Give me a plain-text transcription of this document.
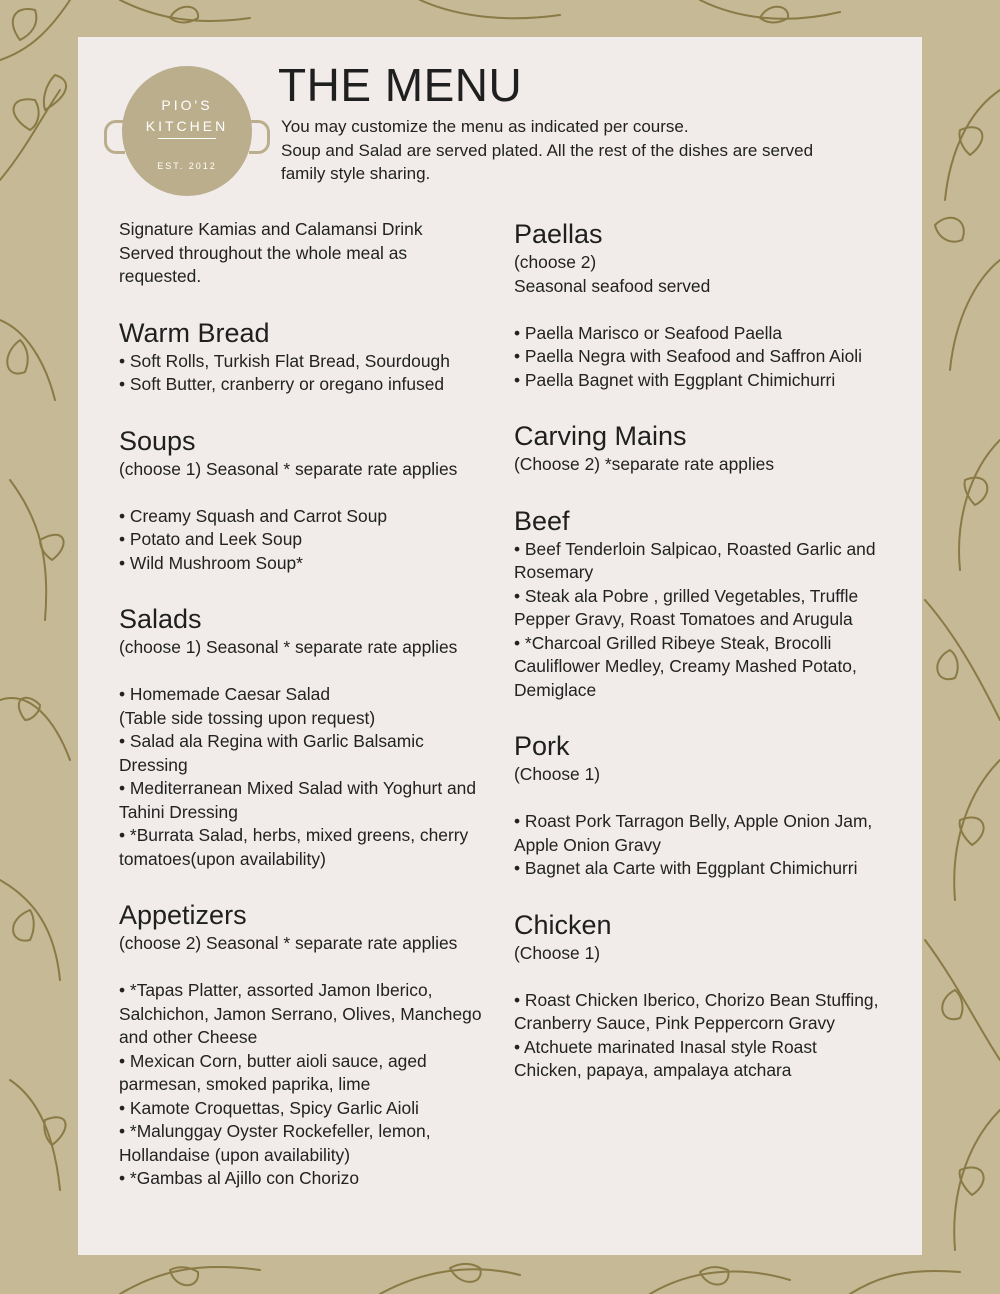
PIO'S
KITCHEN
EST. 2012
THE MENU
You may customize the menu as indicated per course.
Soup and Salad are served plated. All the rest of the dishes are served
family style sharing.
Signature Kamias and Calamansi Drink
Served throughout the whole meal as
requested.
Warm Bread
• Soft Rolls, Turkish Flat Bread, Sourdough
• Soft Butter, cranberry or oregano infused
Soups
(choose 1) Seasonal * separate rate applies
• Creamy Squash and Carrot Soup
• Potato and Leek Soup
• Wild Mushroom Soup*
Salads
(choose 1) Seasonal * separate rate applies
• Homemade Caesar Salad
(Table side tossing upon request)
• Salad ala Regina with Garlic Balsamic
Dressing
• Mediterranean Mixed Salad with Yoghurt and
Tahini Dressing
• *Burrata Salad, herbs, mixed greens, cherry
tomatoes(upon availability)
Appetizers
(choose 2) Seasonal * separate rate applies
• *Tapas Platter, assorted Jamon Iberico,
Salchichon, Jamon Serrano, Olives, Manchego
and other Cheese
• Mexican Corn, butter aioli sauce, aged
parmesan, smoked paprika, lime
• Kamote Croquettas, Spicy Garlic Aioli
• *Malunggay Oyster Rockefeller, lemon,
Hollandaise (upon availability)
• *Gambas al Ajillo con Chorizo
Paellas
(choose 2)
Seasonal seafood served
• Paella Marisco or Seafood Paella
• Paella Negra with Seafood and Saffron Aioli
• Paella Bagnet with Eggplant Chimichurri
Carving Mains
(Choose 2) *separate rate applies
Beef
• Beef Tenderloin Salpicao, Roasted Garlic and
Rosemary
• Steak ala Pobre , grilled Vegetables, Truffle
Pepper Gravy, Roast Tomatoes and Arugula
• *Charcoal Grilled Ribeye Steak, Brocolli
Cauliflower Medley, Creamy Mashed Potato,
Demiglace
Pork
(Choose 1)
• Roast Pork Tarragon Belly, Apple Onion Jam,
Apple Onion Gravy
• Bagnet ala Carte with Eggplant Chimichurri
Chicken
(Choose 1)
• Roast Chicken Iberico, Chorizo Bean Stuffing,
Cranberry Sauce, Pink Peppercorn Gravy
• Atchuete marinated Inasal style Roast
Chicken, papaya, ampalaya atchara
